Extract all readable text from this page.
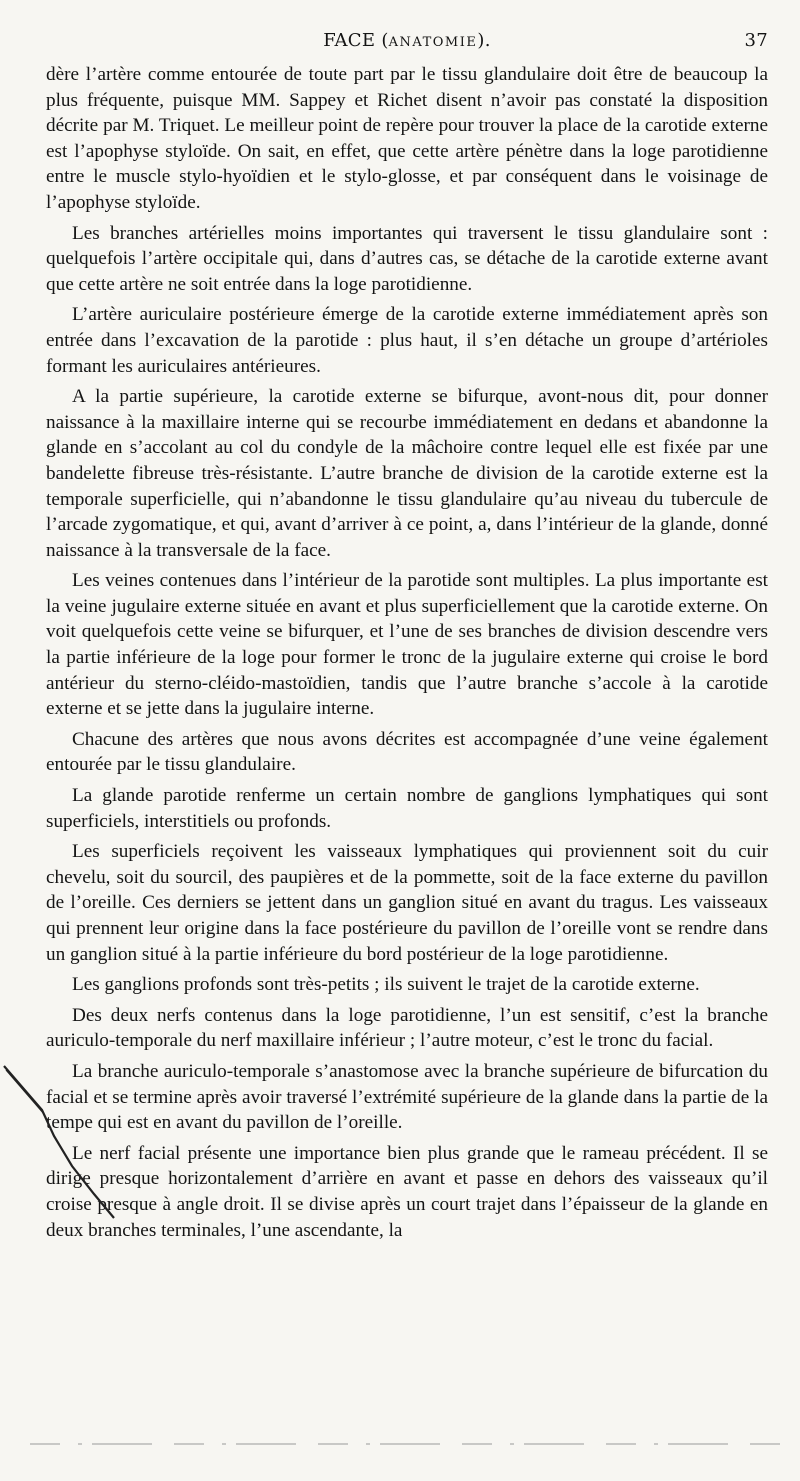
FACE (ANATOMIE).	37

dère l’artère comme entourée de toute part par le tissu glandulaire doit être de beaucoup la plus fréquente, puisque MM. Sappey et Richet disent n’avoir pas constaté la disposition décrite par M. Triquet. Le meilleur point de repère pour trouver la place de la carotide externe est l’apophyse styloïde. On sait, en effet, que cette artère pénètre dans la loge parotidienne entre le muscle stylo-hyoïdien et le stylo-glosse, et par conséquent dans le voisinage de l’apophyse styloïde.

Les branches artérielles moins importantes qui traversent le tissu glandulaire sont : quelquefois l’artère occipitale qui, dans d’autres cas, se détache de la carotide externe avant que cette artère ne soit entrée dans la loge parotidienne.

L’artère auriculaire postérieure émerge de la carotide externe immédiatement après son entrée dans l’excavation de la parotide : plus haut, il s’en détache un groupe d’artérioles formant les auriculaires antérieures.

A la partie supérieure, la carotide externe se bifurque, avont-nous dit, pour donner naissance à la maxillaire interne qui se recourbe immédiatement en dedans et abandonne la glande en s’accolant au col du condyle de la mâchoire contre lequel elle est fixée par une bandelette fibreuse très-résistante. L’autre branche de division de la carotide externe est la temporale superficielle, qui n’abandonne le tissu glandulaire qu’au niveau du tubercule de l’arcade zygomatique, et qui, avant d’arriver à ce point, a, dans l’intérieur de la glande, donné naissance à la transversale de la face.

Les veines contenues dans l’intérieur de la parotide sont multiples. La plus importante est la veine jugulaire externe située en avant et plus superficiellement que la carotide externe. On voit quelquefois cette veine se bifurquer, et l’une de ses branches de division descendre vers la partie inférieure de la loge pour former le tronc de la jugulaire externe qui croise le bord antérieur du sterno-cléido-mastoïdien, tandis que l’autre branche s’accole à la carotide externe et se jette dans la jugulaire interne.

Chacune des artères que nous avons décrites est accompagnée d’une veine également entourée par le tissu glandulaire.

La glande parotide renferme un certain nombre de ganglions lymphatiques qui sont superficiels, interstitiels ou profonds.

Les superficiels reçoivent les vaisseaux lymphatiques qui proviennent soit du cuir chevelu, soit du sourcil, des paupières et de la pommette, soit de la face externe du pavillon de l’oreille. Ces derniers se jettent dans un ganglion situé en avant du tragus. Les vaisseaux qui prennent leur origine dans la face postérieure du pavillon de l’oreille vont se rendre dans un ganglion situé à la partie inférieure du bord postérieur de la loge parotidienne.

Les ganglions profonds sont très-petits ; ils suivent le trajet de la carotide externe.

Des deux nerfs contenus dans la loge parotidienne, l’un est sensitif, c’est la branche auriculo-temporale du nerf maxillaire inférieur ; l’autre moteur, c’est le tronc du facial.

La branche auriculo-temporale s’anastomose avec la branche supérieure de bifurcation du facial et se termine après avoir traversé l’extrémité supérieure de la glande dans la partie de la tempe qui est en avant du pavillon de l’oreille.

Le nerf facial présente une importance bien plus grande que le rameau précédent. Il se dirige presque horizontalement d’arrière en avant et passe en dehors des vaisseaux qu’il croise presque à angle droit. Il se divise après un court trajet dans l’épaisseur de la glande en deux branches terminales, l’une ascendante, la
